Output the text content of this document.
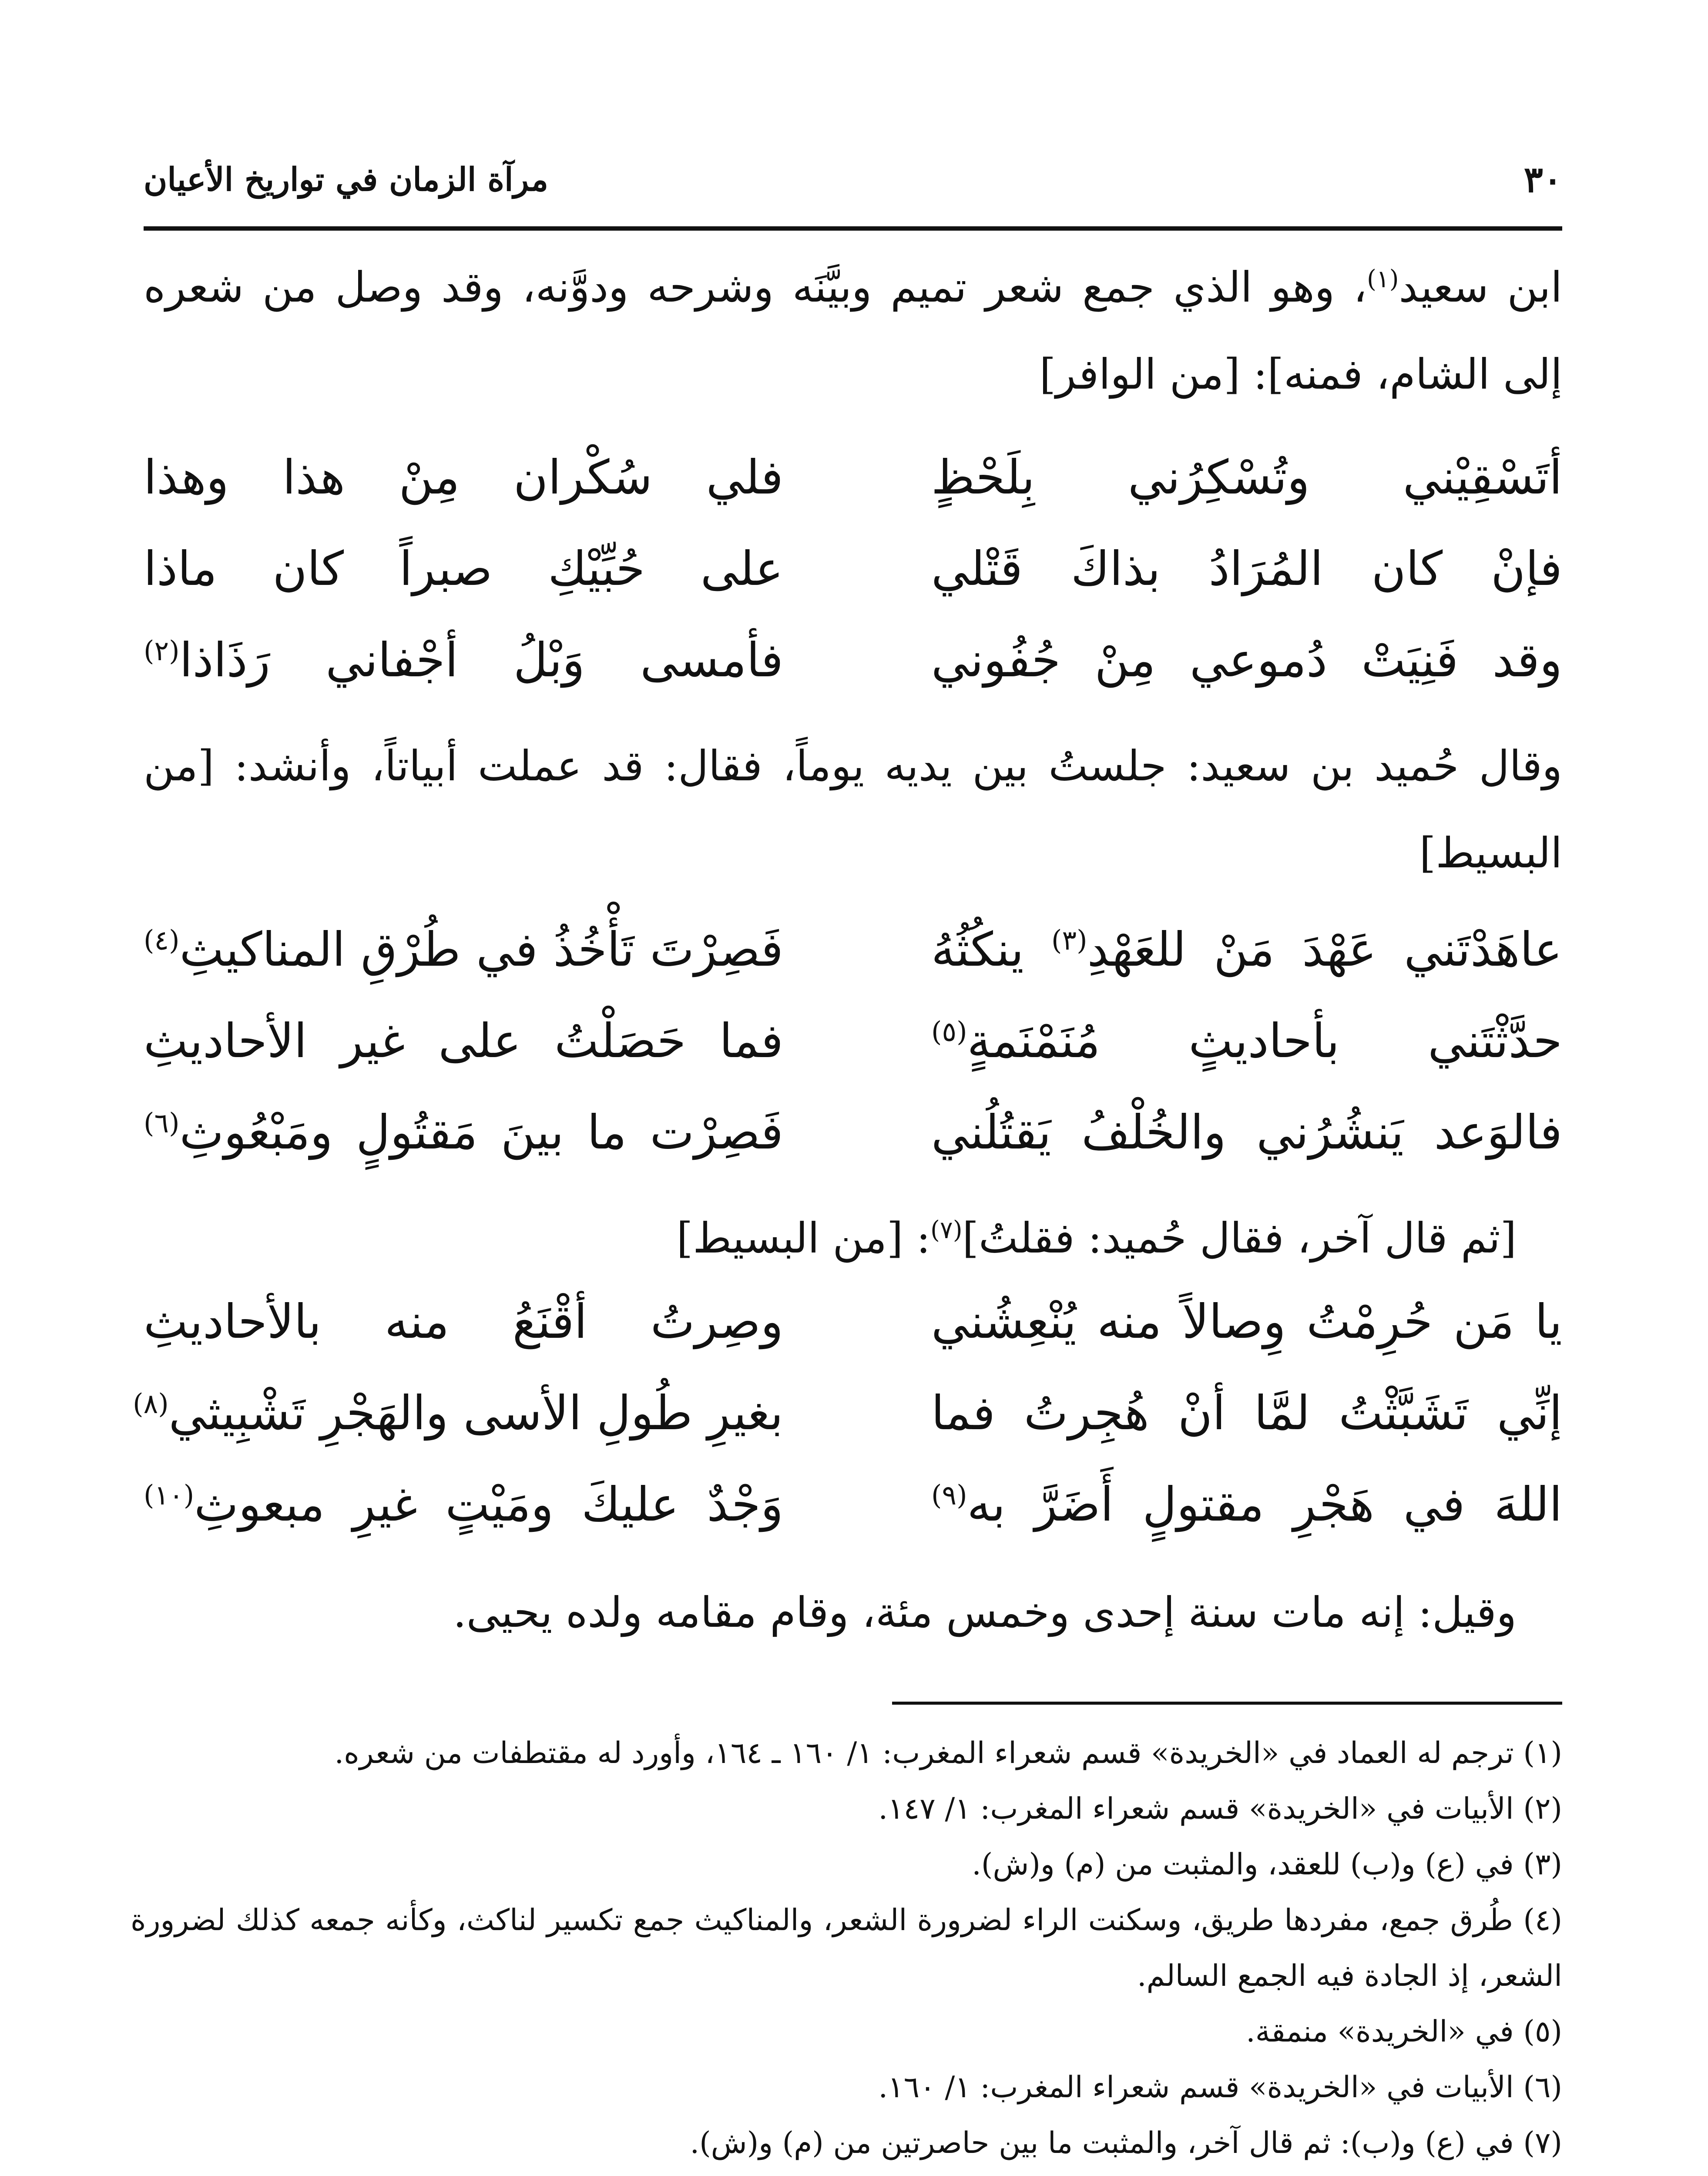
٣٠
مرآة الزمان في تواريخ الأعيان
ابن سعيد$^{(١)}$، وهو الذي جمع شعر تميم وبيَّنَه وشرحه ودوَّنه، وقد وصل من شعره إلى الشام، فمنه]: [من الوافر]
أتَسْقِيْني وتُسْكِرُني بِلَحْظٍ
فلي سُكْران مِنْ هذا وهذا
فإنْ كان المُرَادُ بذاكَ قَتْلي
على حُبِّيْكِ صبراً كان ماذا
وقد فَنِيَتْ دُموعي مِنْ جُفُوني
فأمسى وَبْلُ أجْفاني رَذَاذا$^{(٢)}$
وقال حُميد بن سعيد: جلستُ بين يديه يوماً، فقال: قد عملت أبياتاً، وأنشد: [من البسيط]
عاهَدْتَني عَهْدَ مَنْ للعَهْدِ$^{(٣)}$ ينكُثُهُ
فَصِرْتَ تَأْخُذُ في طُرْقِ المناكيثِ$^{(٤)}$
حدَّثْتَني بأحاديثٍ مُنَمْنَمةٍ$^{(٥)}$
فما حَصَلْتُ على غير الأحاديثِ
فالوَعد يَنشُرُني والخُلْفُ يَقتُلُني
فَصِرْت ما بينَ مَقتُولٍ ومَبْعُوثِ$^{(٦)}$
[ثم قال آخر، فقال حُميد: فقلتُ]$^{(٧)}$: [من البسيط]
يا مَن حُرِمْتُ وِصالاً منه يُنْعِشُني
وصِرتُ أقْنَعُ منه بالأحاديثِ
إنِّي تَشَبَّثْتُ لمَّا أنْ هُجِرتُ فما
بغيرِ طُولِ الأسى والهَجْرِ تَشْبِيثي$^{(٨)}$
اللهَ في هَجْرِ مقتولٍ أَضَرَّ به$^{(٩)}$
وَجْدٌ عليكَ ومَيْتٍ غيرِ مبعوثِ$^{(١٠)}$
وقيل: إنه مات سنة إحدى وخمس مئة، وقام مقامه ولده يحيى.
(١) ترجم له العماد في «الخريدة» قسم شعراء المغرب: ١/ ١٦٠ ـ ١٦٤، وأورد له مقتطفات من شعره.
(٢) الأبيات في «الخريدة» قسم شعراء المغرب: ١/ ١٤٧.
(٣) في (ع) و(ب) للعقد، والمثبت من (م) و(ش).
(٤) طُرق جمع، مفردها طريق، وسكنت الراء لضرورة الشعر، والمناكيث جمع تكسير لناكث، وكأنه جمعه كذلك لضرورة الشعر، إذ الجادة فيه الجمع السالم.
(٥) في «الخريدة» منمقة.
(٦) الأبيات في «الخريدة» قسم شعراء المغرب: ١/ ١٦٠.
(٧) في (ع) و(ب): ثم قال آخر، والمثبت ما بين حاصرتين من (م) و(ش).
